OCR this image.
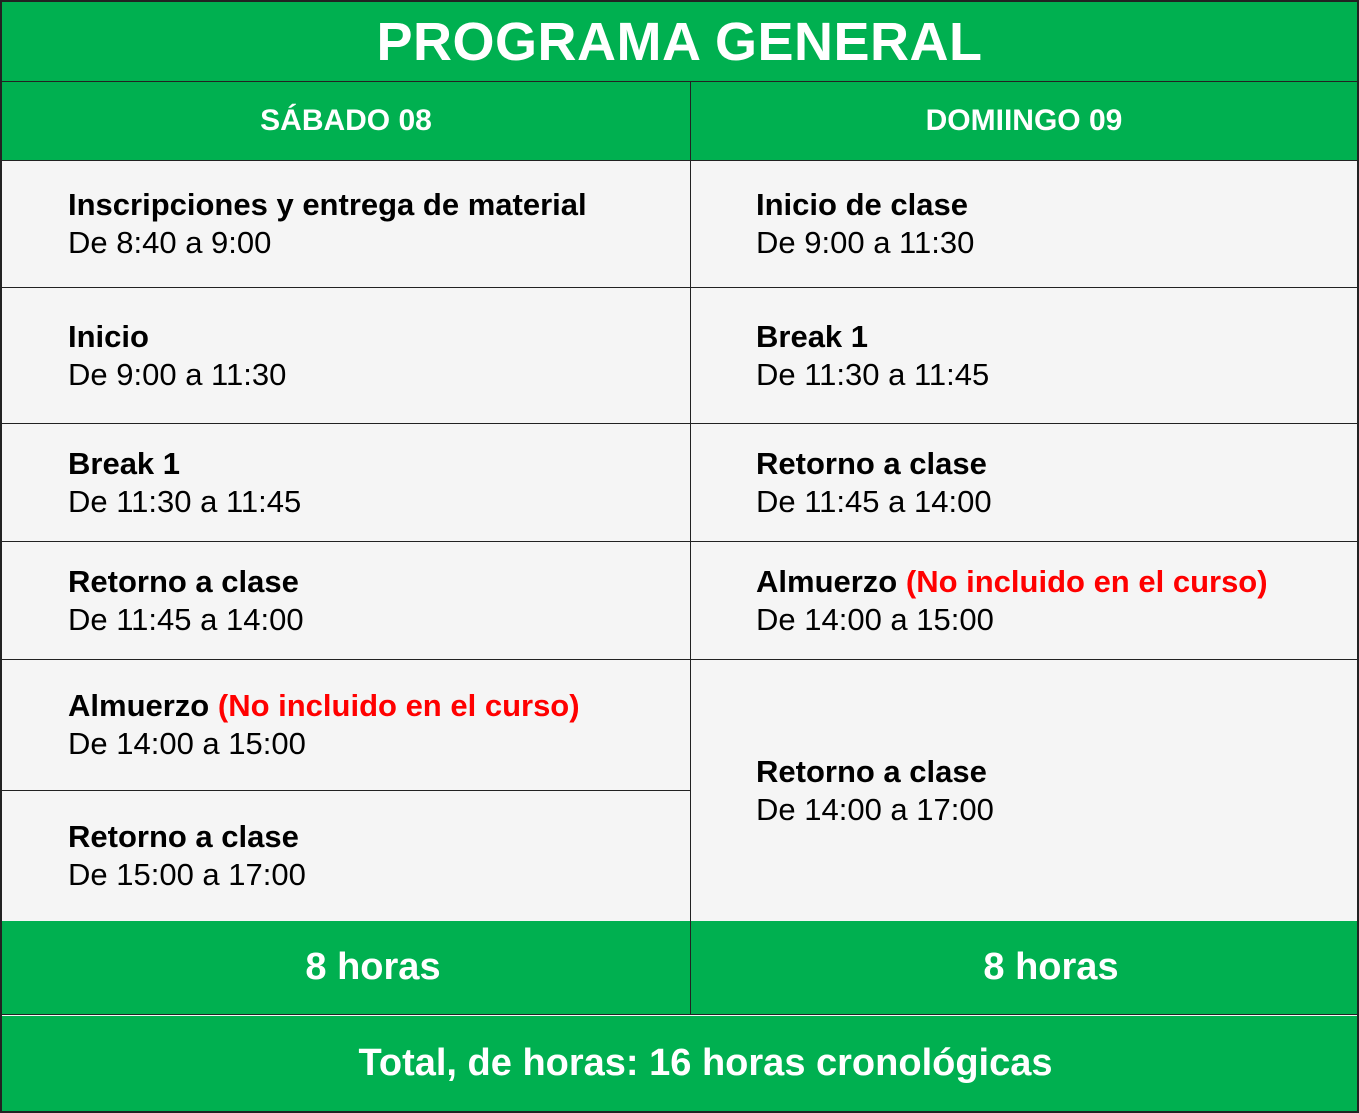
PROGRAMA GENERAL
SÁBADO 08	DOMIINGO 09
Inscripciones y entrega de material
De 8:40 a 9:00
Inicio
De 9:00 a 11:30
Break 1
De 11:30 a 11:45
Retorno a clase
De 11:45 a 14:00
Almuerzo (No incluido en el curso)
De 14:00 a 15:00
Retorno a clase
De 15:00 a 17:00
Inicio de clase
De 9:00 a 11:30
Break 1
De 11:30 a 11:45
Retorno a clase
De 11:45 a 14:00
Almuerzo (No incluido en el curso)
De 14:00 a 15:00
Retorno a clase
De 14:00 a 17:00
8 horas	8 horas
Total, de horas: 16 horas cronológicas
